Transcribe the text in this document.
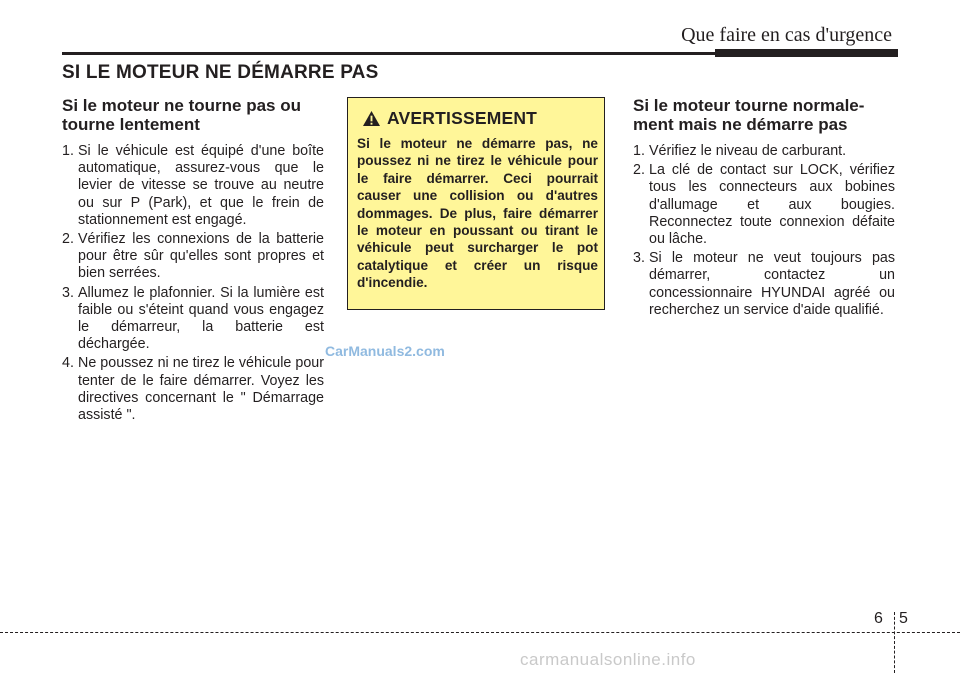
Que faire en cas d'urgence
SI LE MOTEUR NE DÉMARRE PAS
Si le moteur ne tourne pas ou tourne lentement
1. Si le véhicule est équipé d'une boîte automatique, assurez-vous que le levier de vitesse se trouve au neutre ou sur P (Park), et que le frein de stationnement est engagé.
2. Vérifiez les connexions de la batterie pour être sûr qu'elles sont propres et bien serrées.
3. Allumez le plafonnier. Si la lumière est faible ou s'éteint quand vous engagez le démarreur, la batterie est déchargée.
4. Ne poussez ni ne tirez le véhicule pour tenter de le faire démarrer. Voyez les directives concernant le " Démarrage assisté ".
AVERTISSEMENT
Si le moteur ne démarre pas, ne poussez ni ne tirez le véhicule pour le faire démarrer. Ceci pourrait causer une collision ou d'autres dommages. De plus, faire démarrer le moteur en poussant ou tirant le véhicule peut surcharger le pot catalytique et créer un risque d'incendie.
CarManuals2.com
Si le moteur tourne normale-ment mais ne démarre pas
1. Vérifiez le niveau de carburant.
2. La clé de contact sur LOCK, vérifiez tous les connecteurs aux bobines d'allumage et aux bougies. Reconnectez toute connexion défaite ou lâche.
3. Si le moteur ne veut toujours pas démarrer, contactez un concessionnaire HYUNDAI agréé ou recherchez un service d'aide qualifié.
6 5
carmanualsonline.info
